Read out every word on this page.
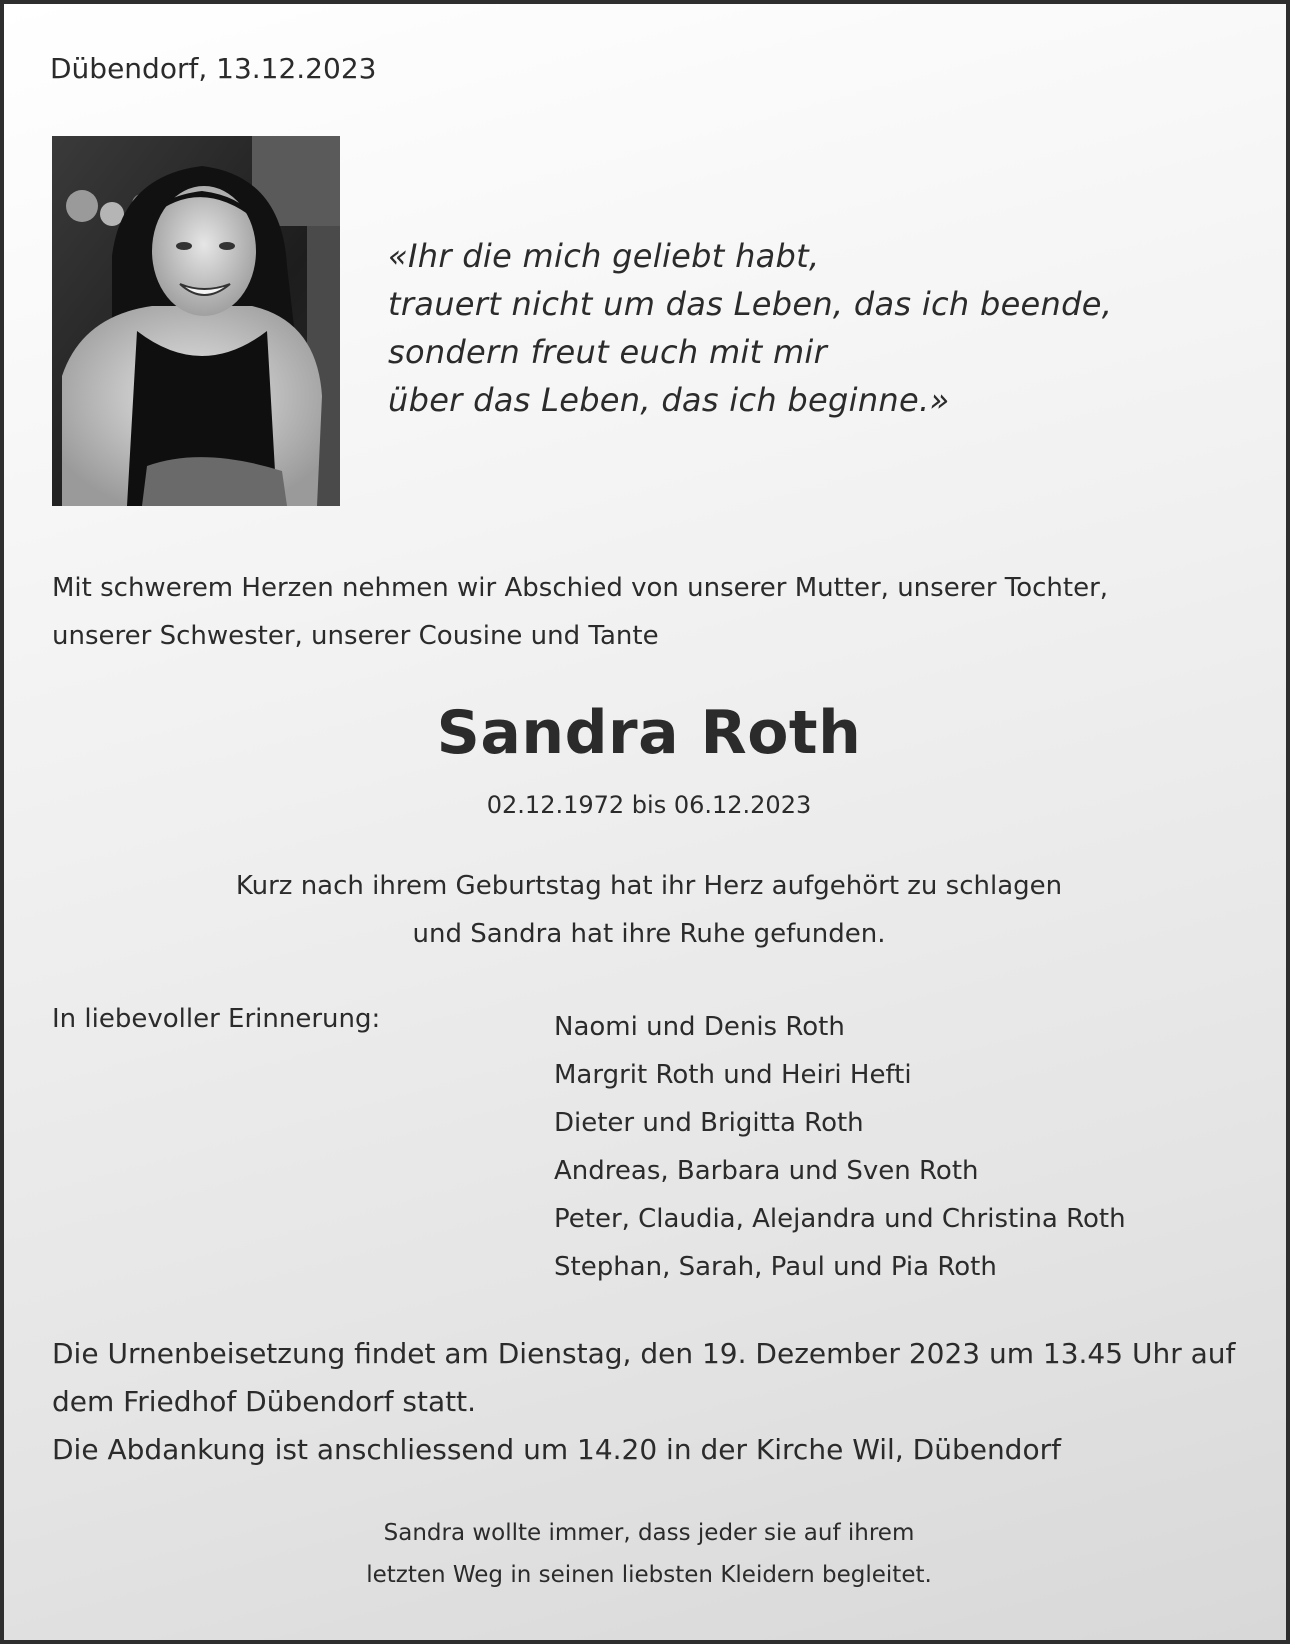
Dübendorf, 13.12.2023
«Ihr die mich geliebt habt,
trauert nicht um das Leben, das ich beende,
sondern freut euch mit mir
über das Leben, das ich beginne.»
Mit schwerem Herzen nehmen wir Abschied von unserer Mutter, unserer Tochter,
unserer Schwester, unserer Cousine und Tante
Sandra Roth
02.12.1972 bis 06.12.2023
Kurz nach ihrem Geburtstag hat ihr Herz aufgehört zu schlagen
und Sandra hat ihre Ruhe gefunden.
In liebevoller Erinnerung:	Naomi und Denis Roth
Margrit Roth und Heiri Hefti
Dieter und Brigitta Roth
Andreas, Barbara und Sven Roth
Peter, Claudia, Alejandra und Christina Roth
Stephan, Sarah, Paul und Pia Roth
Die Urnenbeisetzung findet am Dienstag, den 19. Dezember 2023 um 13.45 Uhr auf
dem Friedhof Dübendorf statt.
Die Abdankung ist anschliessend um 14.20 in der Kirche Wil, Dübendorf
Sandra wollte immer, dass jeder sie auf ihrem
letzten Weg in seinen liebsten Kleidern begleitet.
